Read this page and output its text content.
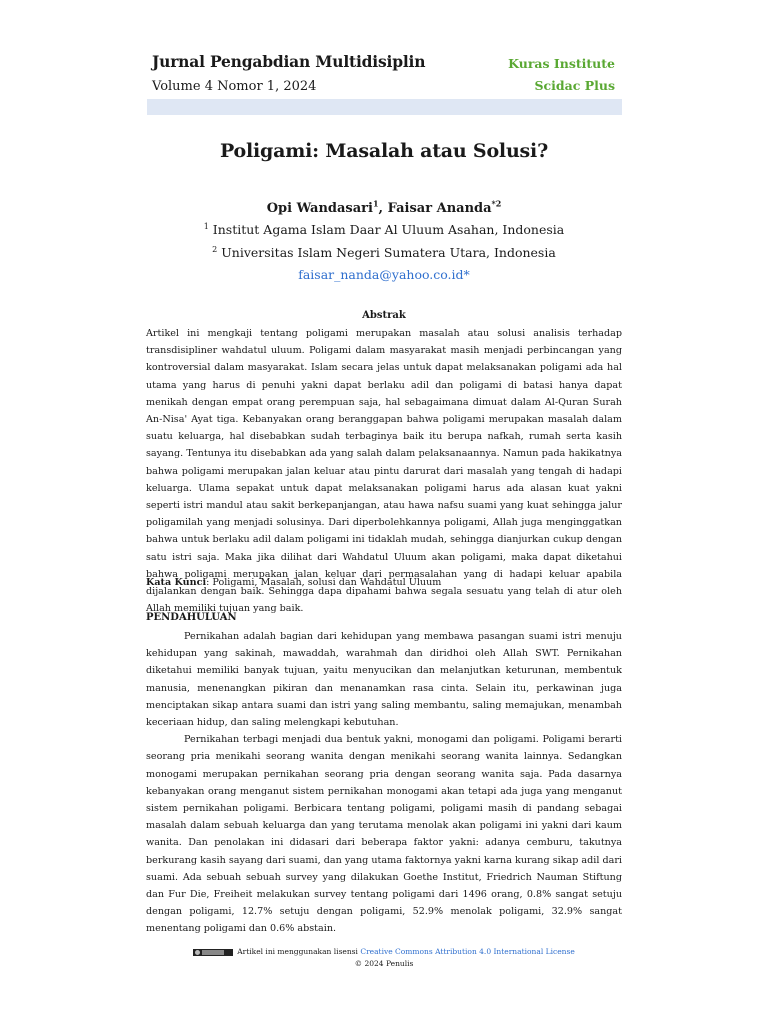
Jurnal Pengabdian Multidisiplin
Volume 4 Nomor 1, 2024
Kuras Institute
Scidac Plus
Poligami: Masalah atau Solusi?
Opi Wandasari$^1$, Faisar Ananda$^{*2}$
$^1$ Institut Agama Islam Daar Al Uluum Asahan, Indonesia
$^2$ Universitas Islam Negeri Sumatera Utara, Indonesia
faisar_nanda@yahoo.co.id*
Abstrak
Artikel ini mengkaji tentang poligami merupakan masalah atau solusi analisis terhadap transdisipliner wahdatul uluum. Poligami dalam masyarakat masih menjadi perbincangan yang kontroversial dalam masyarakat. Islam secara jelas untuk dapat melaksanakan poligami ada hal utama yang harus di penuhi yakni dapat berlaku adil dan poligami di batasi hanya dapat menikah dengan empat orang perempuan saja, hal sebagaimana dimuat dalam Al-Quran Surah An-Nisa' Ayat tiga. Kebanyakan orang beranggapan bahwa poligami merupakan masalah dalam suatu keluarga, hal disebabkan sudah terbaginya baik itu berupa nafkah, rumah serta kasih sayang. Tentunya itu disebabkan ada yang salah dalam pelaksanaannya. Namun pada hakikatnya bahwa poligami merupakan jalan keluar atau pintu darurat dari masalah yang tengah di hadapi keluarga. Ulama sepakat untuk dapat melaksanakan poligami harus ada alasan kuat yakni seperti istri mandul atau sakit berkepanjangan, atau hawa nafsu suami yang kuat sehingga jalur poligamilah yang menjadi solusinya. Dari diperbolehkannya poligami, Allah juga menginggatkan bahwa untuk berlaku adil dalam poligami ini tidaklah mudah, sehingga dianjurkan cukup dengan satu istri saja. Maka jika dilihat dari Wahdatul Uluum akan poligami, maka dapat diketahui bahwa poligami merupakan jalan keluar dari permasalahan yang di hadapi keluar apabila dijalankan dengan baik. Sehingga dapa dipahami bahwa segala sesuatu yang telah di atur oleh Allah memiliki tujuan yang baik.
Kata Kunci: Poligami, Masalah, solusi dan Wahdatul Uluum
PENDAHULUAN

Pernikahan adalah bagian dari kehidupan yang membawa pasangan suami istri menuju kehidupan yang sakinah, mawaddah, warahmah dan diridhoi oleh Allah SWT. Pernikahan diketahui memiliki banyak tujuan, yaitu menyucikan dan melanjutkan keturunan, membentuk manusia, menenangkan pikiran dan menanamkan rasa cinta. Selain itu, perkawinan juga menciptakan sikap antara suami dan istri yang saling membantu, saling memajukan, menambah keceriaan hidup, dan saling melengkapi kebutuhan.

Pernikahan terbagi menjadi dua bentuk yakni, monogami dan poligami. Poligami berarti seorang pria menikahi seorang wanita dengan menikahi seorang wanita lainnya. Sedangkan monogami merupakan pernikahan seorang pria dengan seorang wanita saja. Pada dasarnya kebanyakan orang menganut sistem pernikahan monogami akan tetapi ada juga yang menganut sistem pernikahan poligami. Berbicara tentang poligami, poligami masih di pandang sebagai masalah dalam sebuah keluarga dan yang terutama menolak akan poligami ini yakni dari kaum wanita. Dan penolakan ini didasari dari beberapa faktor yakni: adanya cemburu, takutnya berkurang kasih sayang dari suami, dan yang utama faktornya yakni karna kurang sikap adil dari suami. Ada sebuah sebuah survey yang dilakukan Goethe Institut, Friedrich Nauman Stiftung dan Fur Die, Freiheit melakukan survey tentang poligami dari 1496 orang, 0.8% sangat setuju dengan poligami, 12.7% setuju dengan poligami, 52.9% menolak poligami, 32.9% sangat menentang poligami dan 0.6% abstain.

Artikel ini menggunakan lisensi Creative Commons Attribution 4.0 International License
© 2024 Penulis
